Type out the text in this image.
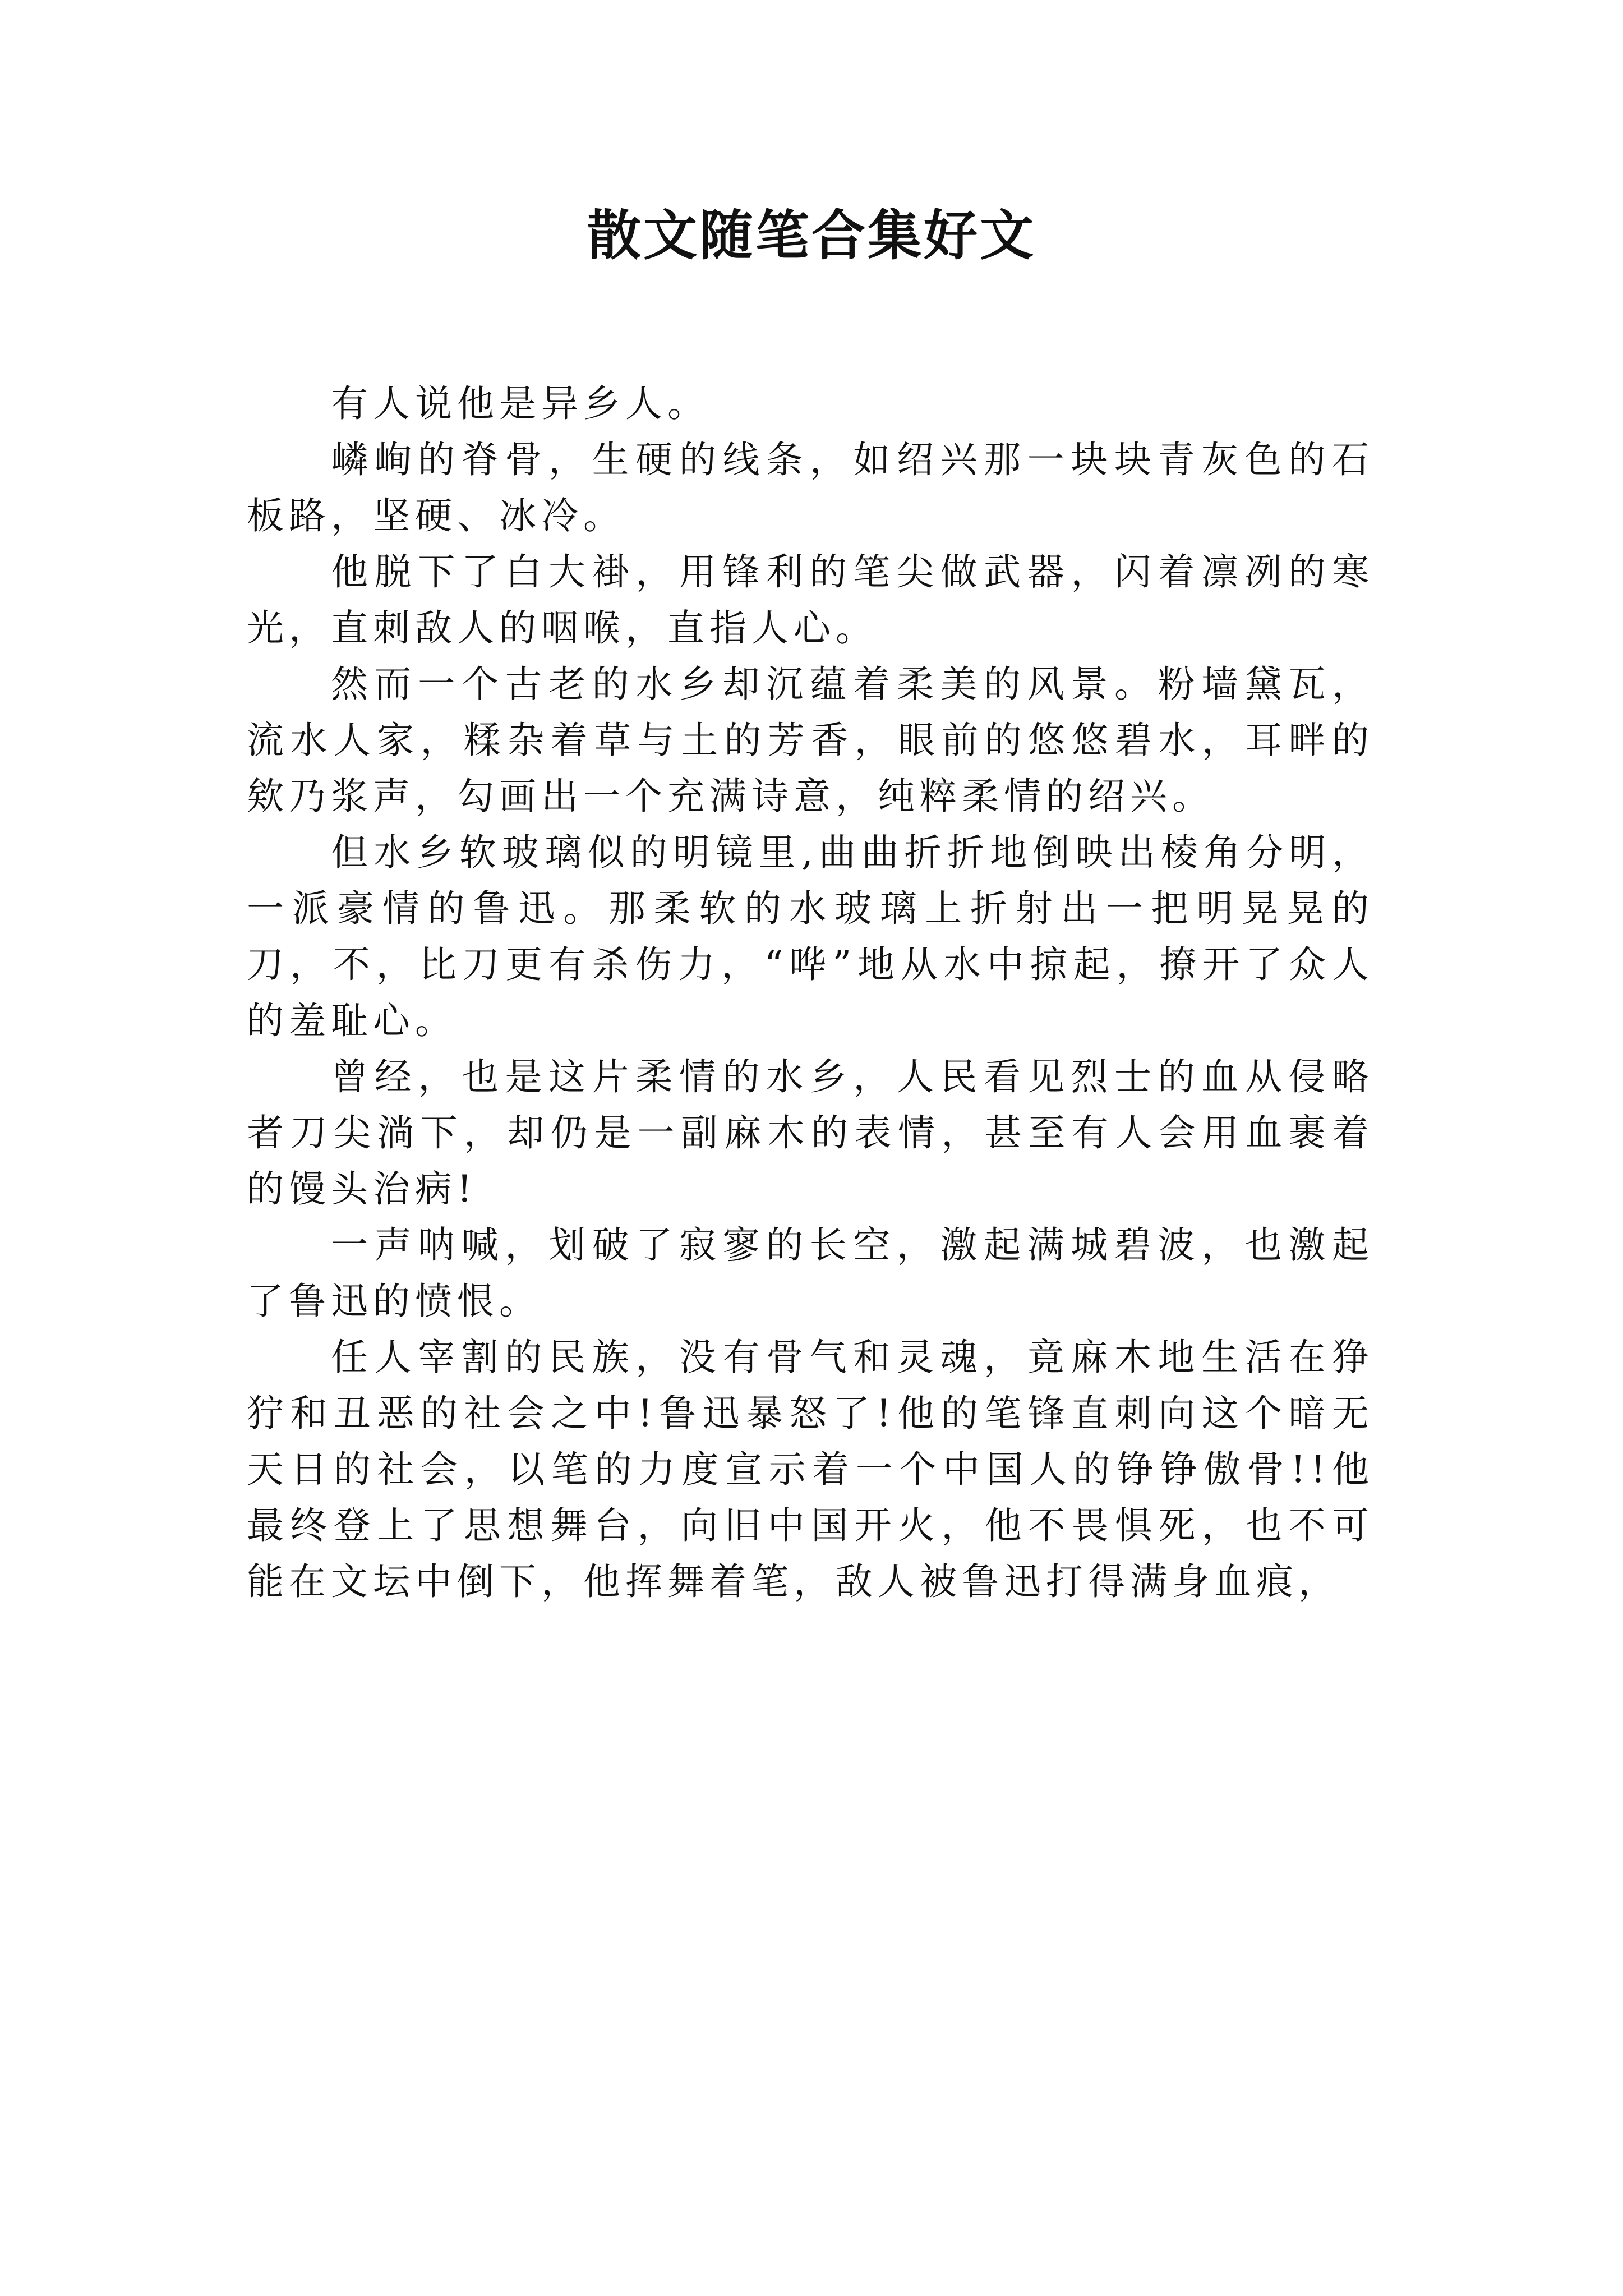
散文随笔合集好文

有人说他是异乡人。

嶙峋的脊骨，生硬的线条，如绍兴那一块块青灰色的石板路，坚硬、冰冷。

他脱下了白大褂，用锋利的笔尖做武器，闪着凛冽的寒光，直刺敌人的咽喉，直指人心。

然而一个古老的水乡却沉蕴着柔美的风景。粉墙黛瓦，流水人家，糅杂着草与土的芳香，眼前的悠悠碧水，耳畔的欸乃浆声，勾画出一个充满诗意，纯粹柔情的绍兴。

但水乡软玻璃似的明镜里,曲曲折折地倒映出棱角分明，一派豪情的鲁迅。那柔软的水玻璃上折射出一把明晃晃的刀，不，比刀更有杀伤力，“哗”地从水中掠起，撩开了众人的羞耻心。

曾经，也是这片柔情的水乡，人民看见烈士的血从侵略者刀尖淌下，却仍是一副麻木的表情，甚至有人会用血裹着的馒头治病!

一声呐喊，划破了寂寥的长空，激起满城碧波，也激起了鲁迅的愤恨。

任人宰割的民族，没有骨气和灵魂，竟麻木地生活在狰狞和丑恶的社会之中!鲁迅暴怒了!他的笔锋直刺向这个暗无天日的社会，以笔的力度宣示着一个中国人的铮铮傲骨!!他最终登上了思想舞台，向旧中国开火，他不畏惧死，也不可能在文坛中倒下，他挥舞着笔，敌人被鲁迅打得满身血痕，
